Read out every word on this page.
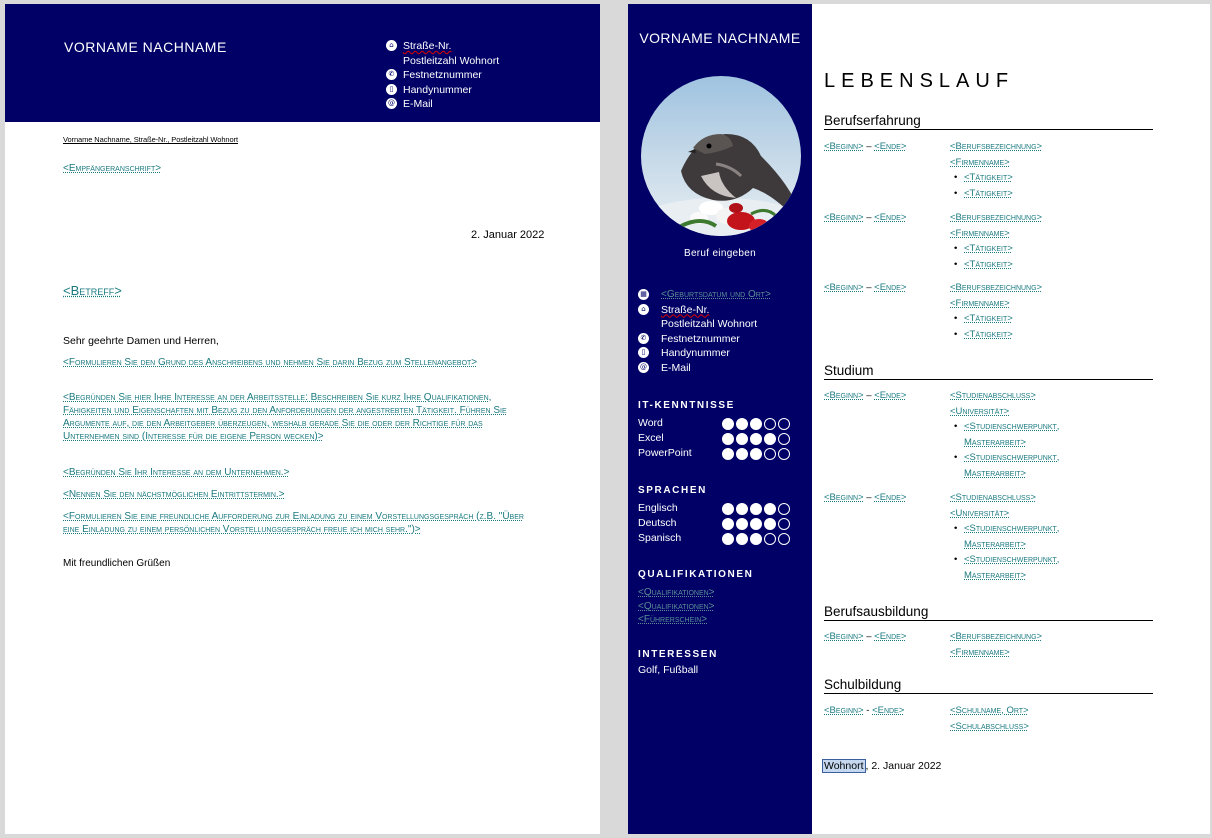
VORNAME NACHNAME	⌂ Straße-Nr.
Postleitzahl Wohnort
✆ Festnetznummer
▯ Handynummer
@ E-Mail
Vorname Nachname, Straße-Nr., Postleitzahl Wohnort
<Empfängeranschrift>
2. Januar 2022
<Betreff>
Sehr geehrte Damen und Herren,
<Formulieren Sie den Grund des Anschreibens und nehmen Sie darin Bezug zum Stellenangebot>
<Begründen Sie hier Ihre Interesse an der Arbeitsstelle: Beschreiben Sie kurz Ihre Qualifikationen, Fähigkeiten und Eigenschaften mit Bezug zu den Anforderungen der angestrebten Tätigkeit. Führen Sie Argumente auf, die den Arbeitgeber überzeugen, weshalb gerade Sie die oder der Richtige für das Unternehmen sind (Interesse für die eigene Person wecken)>
<Begründen Sie Ihr Interesse an dem Unternehmen.>
<Nennen Sie den nächstmöglichen Eintrittstermin.>
<Formulieren Sie eine freundliche Aufforderung zur Einladung zu einem Vorstellungsgespräch (z.B. "Über eine Einladung zu einem persönlichen Vorstellungsgespräch freue ich mich sehr.")>
Mit freundlichen Grüßen
VORNAME NACHNAME
Beruf eingeben
▦ <Geburtsdatum und Ort>
⌂	Straße-Nr.
Postleitzahl Wohnort
✆ Festnetznummer
▯	Handynummer
@ E-Mail
IT-KENNTNISSE
Word
Excel
PowerPoint
SPRACHEN
Englisch
Deutsch
Spanisch
QUALIFIKATIONEN
<Qualifikationen>
<Qualifikationen>
<Führerschein>
INTERESSEN
Golf, Fußball
LEBENSLAUF
Berufserfahrung
<Beginn> – <Ende>	<Berufsbezeichnung>
<Firmenname>
• <Tätigkeit>
• <Tätigkeit>
<Beginn> – <Ende>	<Berufsbezeichnung>
<Firmenname>
• <Tätigkeit>
• <Tätigkeit>
<Beginn> – <Ende>	<Berufsbezeichnung>
<Firmenname>
• <Tätigkeit>
• <Tätigkeit>
Studium
<Beginn> – <Ende>	<Studienabschluss>
<Universität>
• <Studienschwerpunkt, Masterarbeit>
• <Studienschwerpunkt, Masterarbeit>
<Beginn> – <Ende>	<Studienabschluss>
<Universität>
• <Studienschwerpunkt, Masterarbeit>
• <Studienschwerpunkt, Masterarbeit>
Berufsausbildung
<Beginn> – <Ende>	<Berufsbezeichnung>
<Firmenname>
Schulbildung
<Beginn> - <Ende>	<Schulname, Ort>
<Schulabschluss>
Wohnort , 2. Januar 2022
